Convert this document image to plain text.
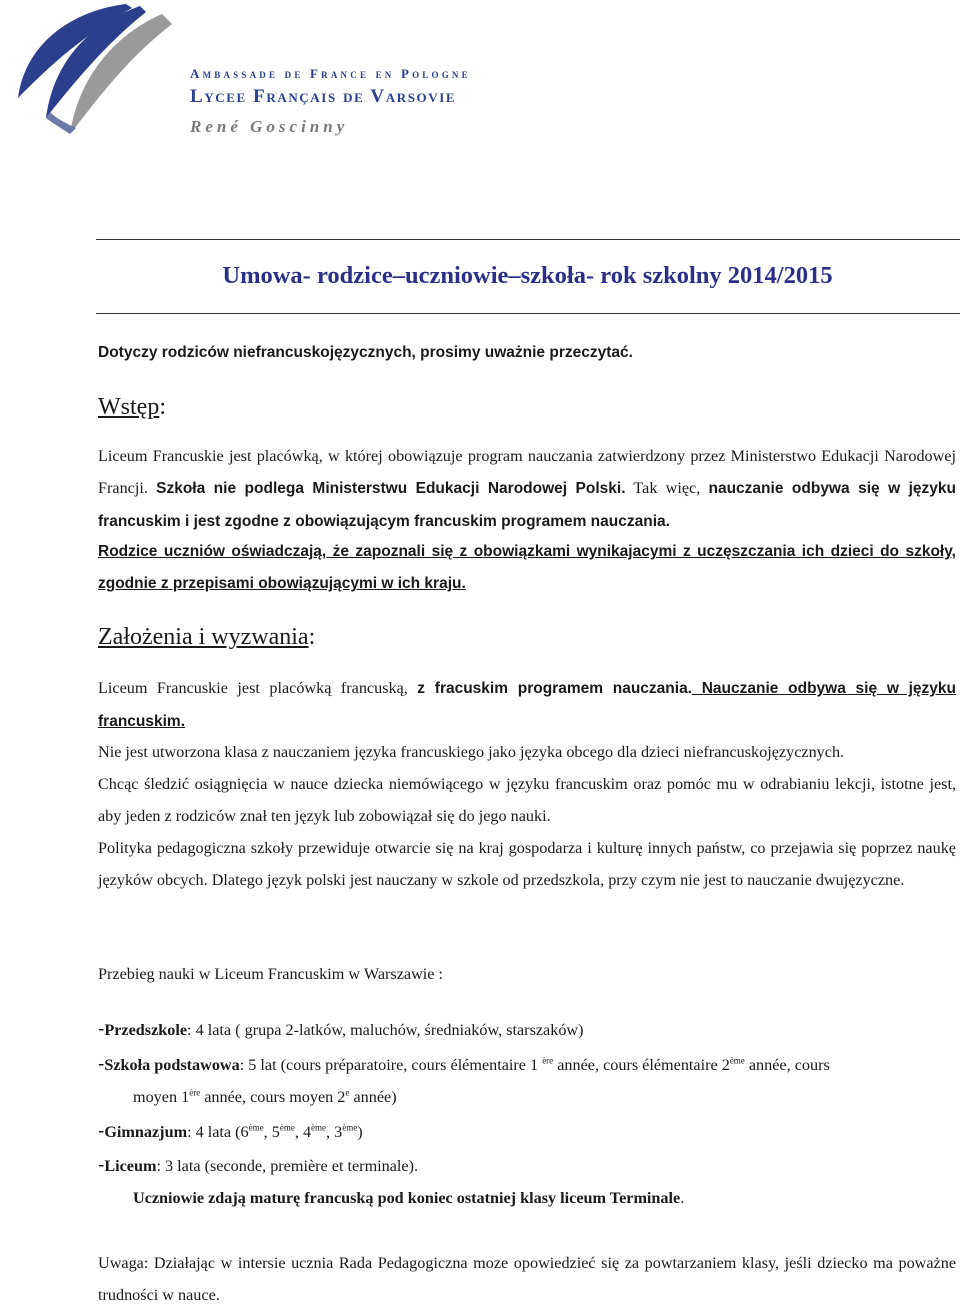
Ambassade de France en Pologne
Lycee Français de Varsovie
René Goscinny
Umowa- rodzice–uczniowie–szkoła- rok szkolny 2014/2015
Dotyczy rodziców niefrancuskojęzycznych, prosimy uważnie przeczytać.
Wstęp:
Liceum Francuskie jest placówką, w której obowiązuje program nauczania zatwierdzony przez Ministerstwo Edukacji Narodowej Francji. Szkoła nie podlega Ministerstwu Edukacji Narodowej Polski. Tak więc, nauczanie odbywa się w języku francuskim i jest zgodne z obowiązującym francuskim programem nauczania.
Rodzice uczniów oświadczają, że zapoznali się z obowiązkami wynikajacymi z uczęszczania ich dzieci do szkoły, zgodnie z przepisami obowiązującymi w ich kraju.
Założenia i wyzwania:
Liceum Francuskie jest placówką francuską, z fracuskim programem nauczania. Nauczanie odbywa się w języku francuskim.
Nie jest utworzona klasa z nauczaniem języka francuskiego jako języka obcego dla dzieci niefrancuskojęzycznych.
Chcąc śledzić osiągnięcia w nauce dziecka niemówiącego w języku francuskim oraz pomóc mu w odrabianiu lekcji, istotne jest, aby jeden z rodziców znał ten język lub zobowiązał się do jego nauki.
Polityka pedagogiczna szkoły przewiduje otwarcie się na kraj gospodarza i kulturę innych państw, co przejawia się poprzez naukę języków obcych. Dlatego język polski jest nauczany w szkole od przedszkola, przy czym nie jest to nauczanie dwujęzyczne.
Przebieg nauki w Liceum Francuskim w Warszawie :
-Przedszkole: 4 lata ( grupa 2-latków, maluchów, średniaków, starszaków)
-Szkoła podstawowa: 5 lat (cours préparatoire, cours élémentaire 1 $^{ère}$ année, cours élémentaire 2ème année, cours
moyen 1ère année, cours moyen 2e année)
-Gimnazjum: 4 lata (6ème, 5ème, 4ème, 3ème)
-Liceum: 3 lata (seconde, première et terminale).
Uczniowie zdają maturę francuską pod koniec ostatniej klasy liceum Terminale.
Uwaga: Działając w intersie ucznia Rada Pedagogiczna moze opowiedzieć się za powtarzaniem klasy, jeśli dziecko ma poważne trudności w nauce.
